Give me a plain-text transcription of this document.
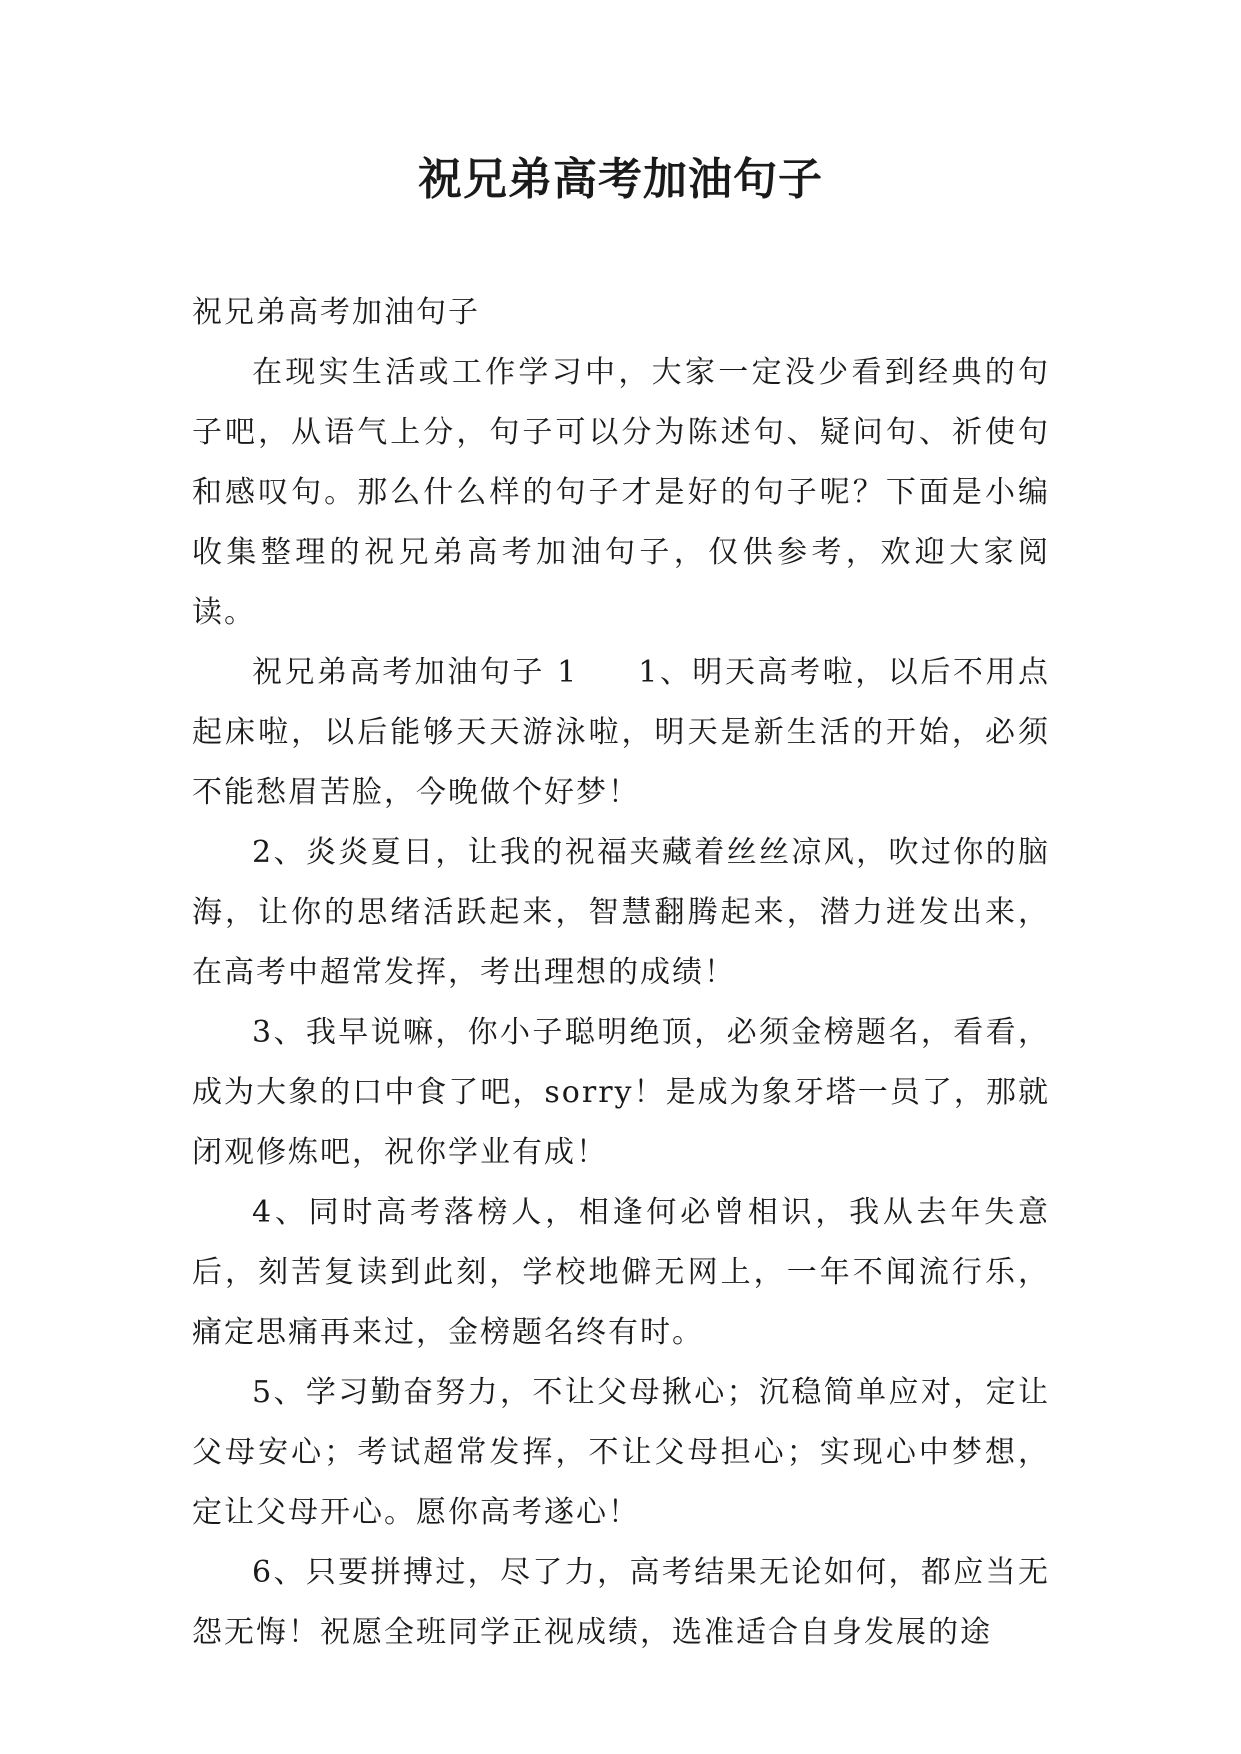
祝兄弟高考加油句子

祝兄弟高考加油句子

在现实生活或工作学习中，大家一定没少看到经典的句子吧，从语气上分，句子可以分为陈述句、疑问句、祈使句和感叹句。那么什么样的句子才是好的句子呢？下面是小编收集整理的祝兄弟高考加油句子，仅供参考，欢迎大家阅读。

祝兄弟高考加油句子 1 1、明天高考啦，以后不用点起床啦，以后能够天天游泳啦，明天是新生活的开始，必须不能愁眉苦脸，今晚做个好梦！

2、炎炎夏日，让我的祝福夹藏着丝丝凉风，吹过你的脑海，让你的思绪活跃起来，智慧翻腾起来，潜力迸发出来，在高考中超常发挥，考出理想的成绩！

3、我早说嘛，你小子聪明绝顶，必须金榜题名，看看，成为大象的口中食了吧，sorry！是成为象牙塔一员了，那就闭观修炼吧，祝你学业有成！

4、同时高考落榜人，相逢何必曾相识，我从去年失意后，刻苦复读到此刻，学校地僻无网上，一年不闻流行乐，痛定思痛再来过，金榜题名终有时。

5、学习勤奋努力，不让父母揪心；沉稳简单应对，定让父母安心；考试超常发挥，不让父母担心；实现心中梦想，定让父母开心。愿你高考遂心！

6、只要拼搏过，尽了力，高考结果无论如何，都应当无怨无悔！祝愿全班同学正视成绩，选准适合自身发展的途
